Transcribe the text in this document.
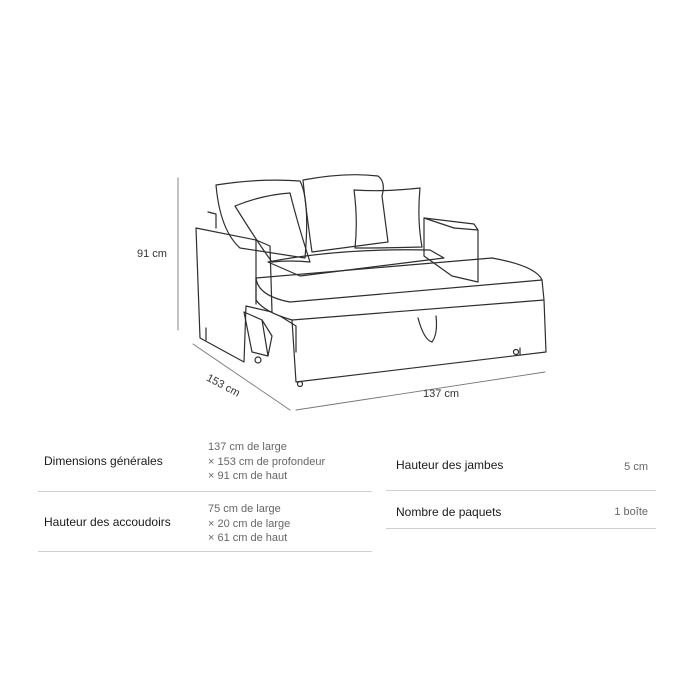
91 cm
153 cm	137 cm
Dimensions générales
137 cm de large
× 153 cm de profondeur
× 91 cm de haut
Hauteur des accoudoirs
75 cm de large
× 20 cm de large
× 61 cm de haut
Hauteur des jambes	5 cm
Nombre de paquets	1 boîte
